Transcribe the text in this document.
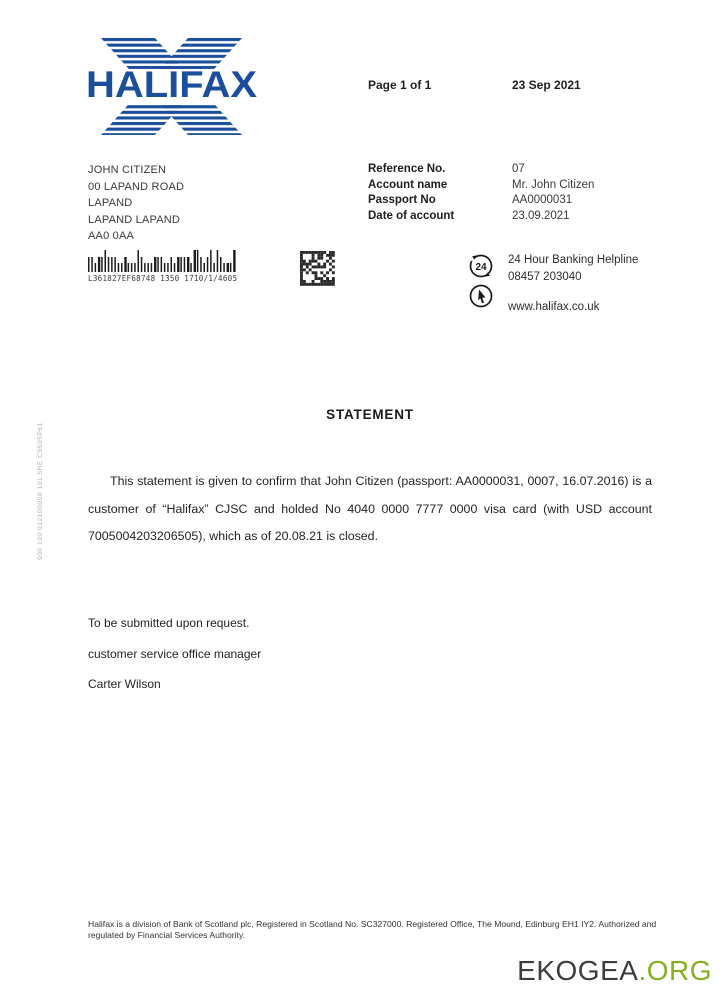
900 100 012100000 101 5RE C9505P61
HALIFAX	Page 1 of 1	23 Sep 2021
JOHN CITIZEN
00 LAPAND ROAD
LAPAND
LAPAND LAPAND
AA0 0AA
Reference No.
Account name
Passport No
Date of account
07
Mr. John Citizen
AA0000031
23.09.2021
L361827EF68748 1350 1710/1/4605
24
24 Hour Banking Helpline
08457 203040
www.halifax.co.uk
STATEMENT
This statement is given to confirm that John Citizen (passport: AA0000031, 0007, 16.07.2016) is a customer of “Halifax” CJSC and holded No 4040 0000 7777 0000 visa card (with USD account 7005004203206505), which as of 20.08.21 is closed.
To be submitted upon request.
customer service office manager
Carter Wilson
Halifax is a division of Bank of Scotland plc, Registered in Scotland No. SC327000. Registered Office, The Mound, Edinburg EH1 IY2. Authorized and regulated by Financial Services Authority.
EKOGEA.ORG
